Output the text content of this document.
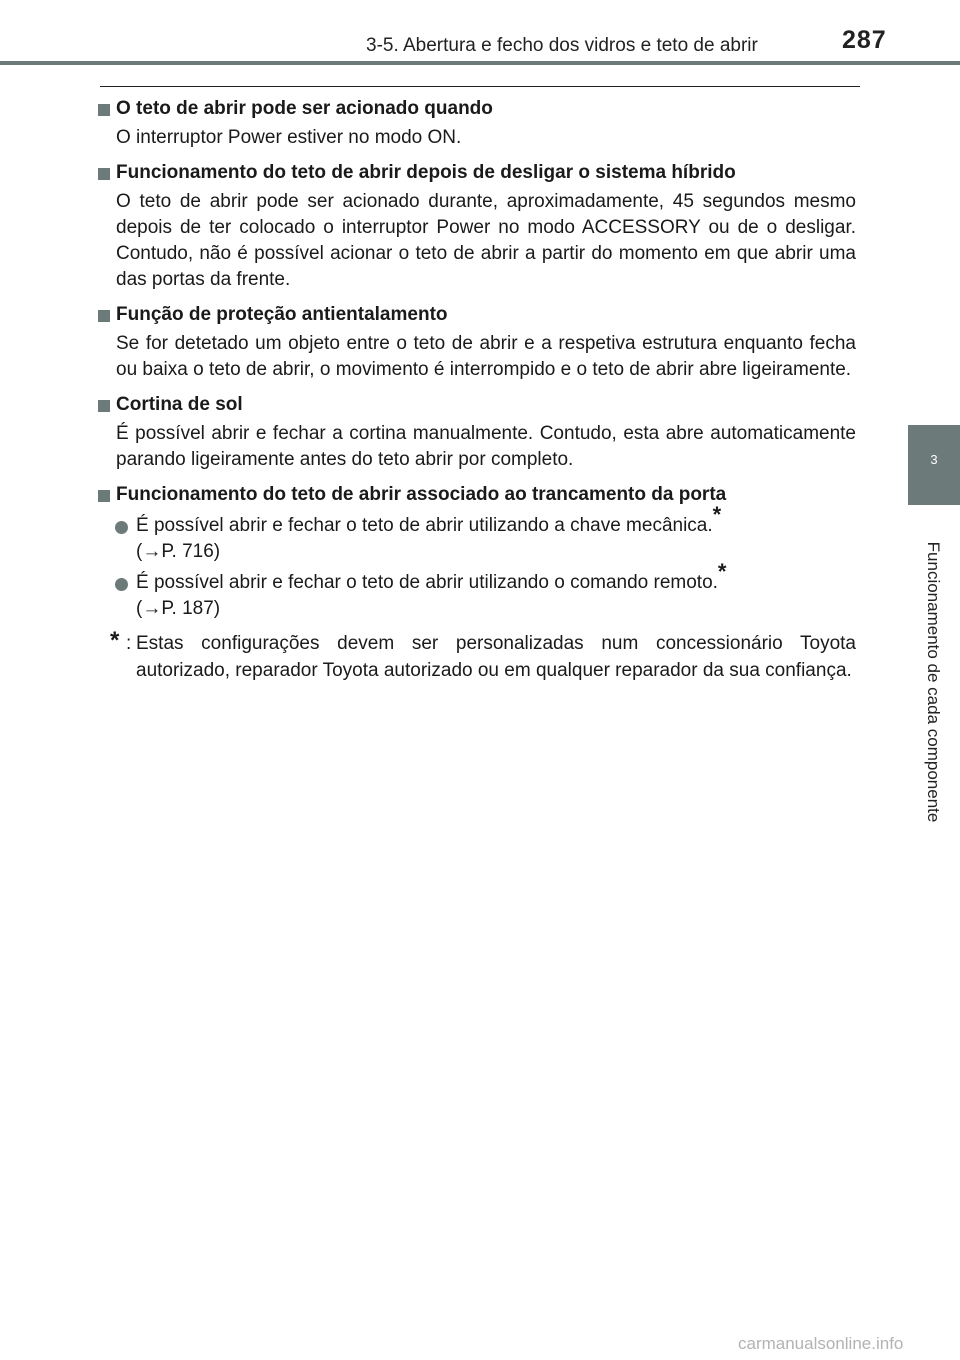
3-5. Abertura e fecho dos vidros e teto de abrir	287
3
Funcionamento de cada componente
O teto de abrir pode ser acionado quando
O interruptor Power estiver no modo ON.
Funcionamento do teto de abrir depois de desligar o sistema híbrido
O teto de abrir pode ser acionado durante, aproximadamente, 45 segundos mesmo depois de ter colocado o interruptor Power no modo ACCESSORY ou de o desligar. Contudo, não é possível acionar o teto de abrir a partir do momento em que abrir uma das portas da frente.
Função de proteção antientalamento
Se for detetado um objeto entre o teto de abrir e a respetiva estrutura enquanto fecha ou baixa o teto de abrir, o movimento é interrompido e o teto de abrir abre ligeiramente.
Cortina de sol
É possível abrir e fechar a cortina manualmente. Contudo, esta abre automaticamente parando ligeiramente antes do teto abrir por completo.
Funcionamento do teto de abrir associado ao trancamento da porta
É possível abrir e fechar o teto de abrir utilizando a chave mecânica.*
(→P. 716)
É possível abrir e fechar o teto de abrir utilizando o comando remoto.*
(→P. 187)
* : Estas configurações devem ser personalizadas num concessionário Toyota autorizado, reparador Toyota autorizado ou em qualquer reparador da sua confiança.
carmanualsonline.info
